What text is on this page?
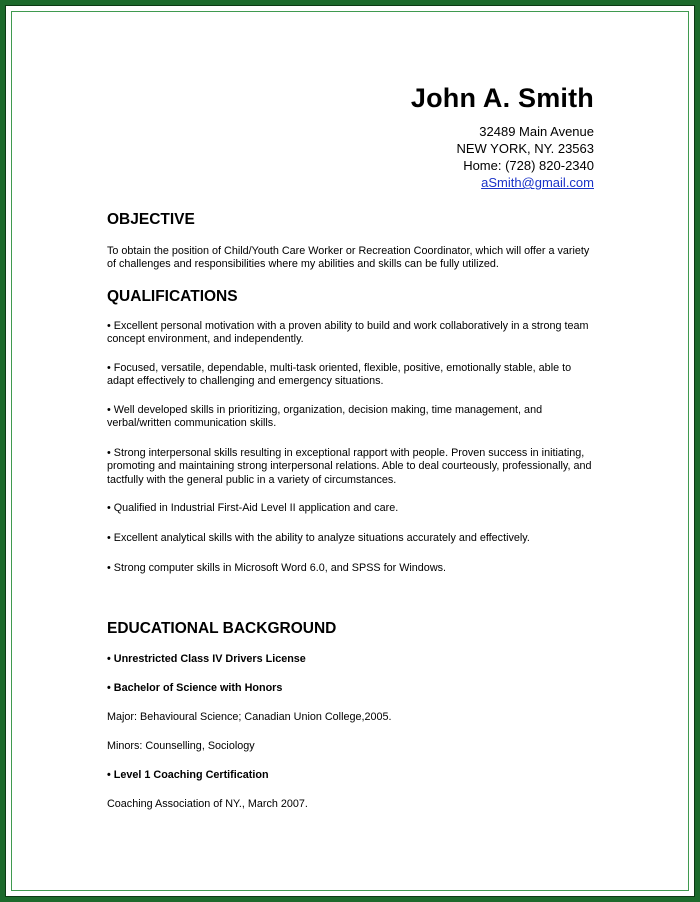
John A. Smith
32489 Main Avenue
NEW YORK, NY. 23563
Home: (728) 820-2340
aSmith@gmail.com
OBJECTIVE
To obtain the position of Child/Youth Care Worker or Recreation Coordinator, which will offer a variety of challenges and responsibilities where my abilities and skills can be fully utilized.
QUALIFICATIONS
• Excellent personal motivation with a proven ability to build and work collaboratively in a strong team concept environment, and independently.
• Focused, versatile, dependable, multi-task oriented, flexible, positive, emotionally stable, able to adapt effectively to challenging and emergency situations.
• Well developed skills in prioritizing, organization, decision making, time management, and verbal/written communication skills.
• Strong interpersonal skills resulting in exceptional rapport with people. Proven success in initiating, promoting and maintaining strong interpersonal relations. Able to deal courteously, professionally, and tactfully with the general public in a variety of circumstances.
• Qualified in Industrial First-Aid Level II application and care.
• Excellent analytical skills with the ability to analyze situations accurately and effectively.
• Strong computer skills in Microsoft Word 6.0, and SPSS for Windows.
EDUCATIONAL BACKGROUND
• Unrestricted Class IV Drivers License
• Bachelor of Science with Honors
Major: Behavioural Science; Canadian Union College,2005.
Minors: Counselling, Sociology
• Level 1 Coaching Certification
Coaching Association of NY., March 2007.
